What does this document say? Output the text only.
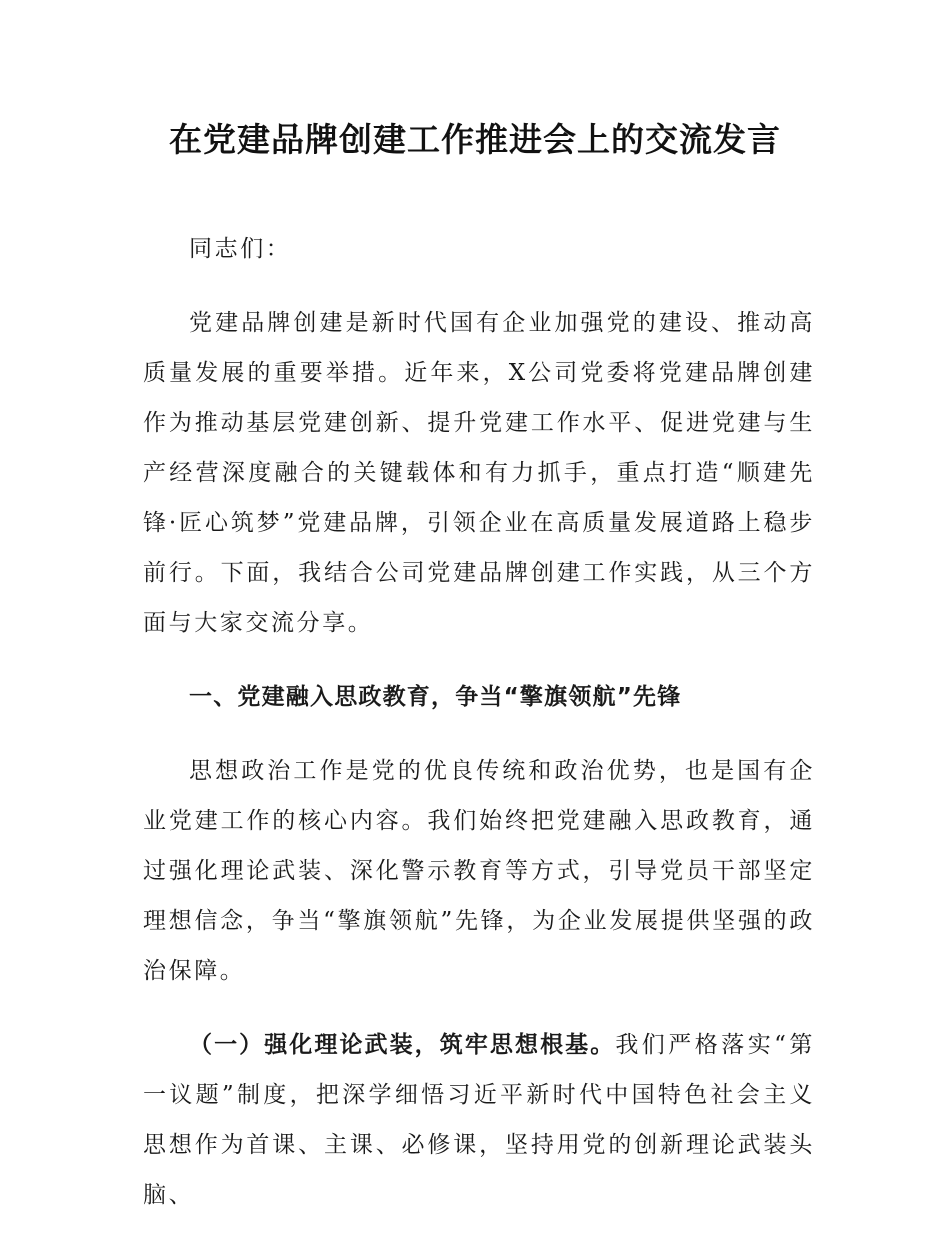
在党建品牌创建工作推进会上的交流发言

同志们：

党建品牌创建是新时代国有企业加强党的建设、推动高质量发展的重要举措。近年来，X公司党委将党建品牌创建作为推动基层党建创新、提升党建工作水平、促进党建与生产经营深度融合的关键载体和有力抓手，重点打造“顺建先锋·匠心筑梦”党建品牌，引领企业在高质量发展道路上稳步前行。下面，我结合公司党建品牌创建工作实践，从三个方面与大家交流分享。

一、党建融入思政教育，争当“擎旗领航”先锋

思想政治工作是党的优良传统和政治优势，也是国有企业党建工作的核心内容。我们始终把党建融入思政教育，通过强化理论武装、深化警示教育等方式，引导党员干部坚定理想信念，争当“擎旗领航”先锋，为企业发展提供坚强的政治保障。

（一）强化理论武装，筑牢思想根基。我们严格落实“第一议题”制度，把深学细悟习近平新时代中国特色社会主义思想作为首课、主课、必修课，坚持用党的创新理论武装头脑、
